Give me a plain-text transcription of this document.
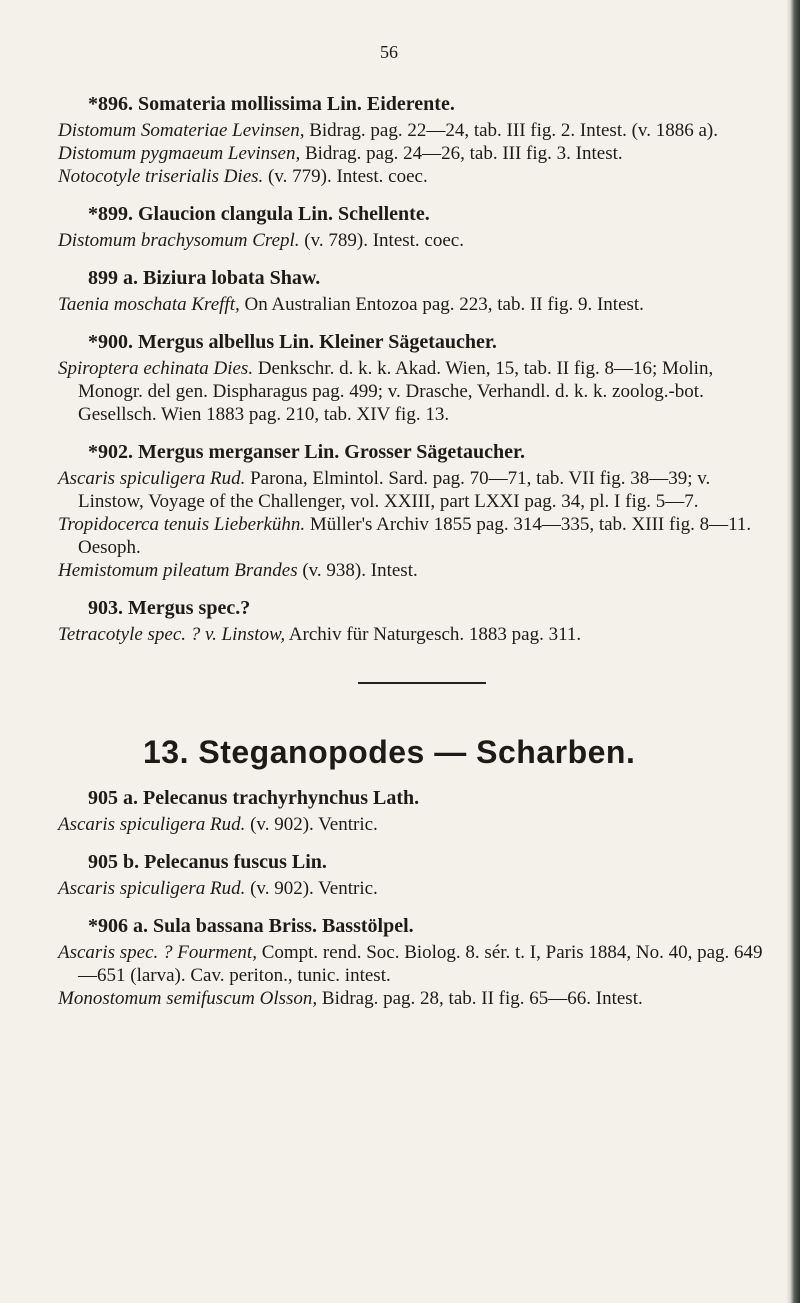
56
*896. Somateria mollissima Lin. Eiderente.
Distomum Somateriae Levinsen, Bidrag. pag. 22—24, tab. III fig. 2. Intest. (v. 1886 a).
Distomum pygmaeum Levinsen, Bidrag. pag. 24—26, tab. III fig. 3. Intest.
Notocotyle triserialis Dies. (v. 779). Intest. coec.
*899. Glaucion clangula Lin. Schellente.
Distomum brachysomum Crepl. (v. 789). Intest. coec.
899 a. Biziura lobata Shaw.
Taenia moschata Krefft, On Australian Entozoa pag. 223, tab. II fig. 9. Intest.
*900. Mergus albellus Lin. Kleiner Sägetaucher.
Spiroptera echinata Dies. Denkschr. d. k. k. Akad. Wien, 15, tab. II fig. 8—16; Molin, Monogr. del gen. Dispharagus pag. 499; v. Drasche, Verhandl. d. k. k. zoolog.-bot. Gesellsch. Wien 1883 pag. 210, tab. XIV fig. 13.
*902. Mergus merganser Lin. Grosser Sägetaucher.
Ascaris spiculigera Rud. Parona, Elmintol. Sard. pag. 70—71, tab. VII fig. 38—39; v. Linstow, Voyage of the Challenger, vol. XXIII, part LXXI pag. 34, pl. I fig. 5—7.
Tropidocerca tenuis Lieberkühn. Müller's Archiv 1855 pag. 314—335, tab. XIII fig. 8—11. Oesoph.
Hemistomum pileatum Brandes (v. 938). Intest.
903. Mergus spec.?
Tetracotyle spec. ? v. Linstow, Archiv für Naturgesch. 1883 pag. 311.
13. Steganopodes — Scharben.
905 a. Pelecanus trachyrhynchus Lath.
Ascaris spiculigera Rud. (v. 902). Ventric.
905 b. Pelecanus fuscus Lin.
Ascaris spiculigera Rud. (v. 902). Ventric.
*906 a. Sula bassana Briss. Basstölpel.
Ascaris spec. ? Fourment, Compt. rend. Soc. Biolog. 8. sér. t. I, Paris 1884, No. 40, pag. 649—651 (larva). Cav. periton., tunic. intest.
Monostomum semifuscum Olsson, Bidrag. pag. 28, tab. II fig. 65—66. Intest.
